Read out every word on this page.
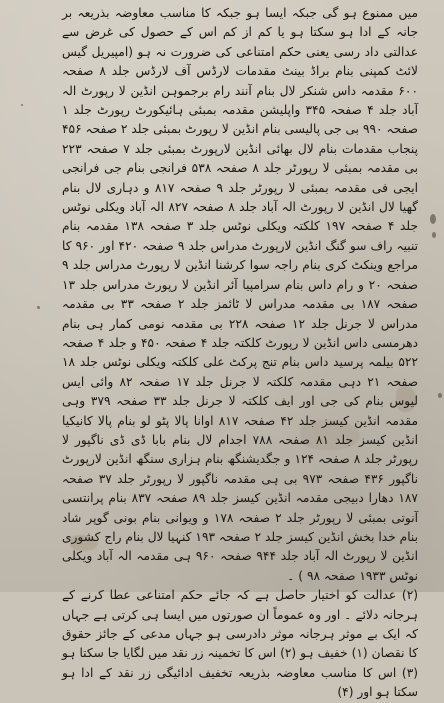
میں ممنوع ہو گی جبکہ ایسا ہو جبکہ کا مناسب معاوضہ بذریعہ بر جانہ کے ادا ہو سکتا ہو یا کم از کم اس کے حصول کی غرض سے عدالتی داد رسی یعنی حکم امتناعی کی ضرورت نہ ہو (امپیریل گیس لائٹ کمپنی بنام براڈ بینٹ مقدمات لارڈس آف لارڈس جلد ۸ صفحہ ۶۰۰ مقدمہ داس شنکر لال بنام آنند رام برجموہن انڈین لا رپورٹ الہ آباد جلد ۴ صفحہ ۳۴۵ واپلیشن مقدمہ بمبئی ہائیکورٹ رپورٹ جلد ۱ صفحہ ۹۹۰ بی جی پالیسی بنام انڈین لا رپورٹ بمبئی جلد ۲ صفحہ ۴۵۶ پنجاب مقدمات بنام لال بھائی انڈین لارپورٹ بمبئی جلد ۷ صفحہ ۲۲۳ بی مقدمہ بمبئی لا رپورٹر جلد ۸ صفحہ ۵۳۸ فرانجی بنام جی فرانجی ایجی فی مقدمہ بمبئی لا رپورٹر جلد ۹ صفحہ ۸۱۷ و دہاری لال بنام گھیا لال انڈین لا رپورٹ الہ آباد جلد ۸ صفحہ ۸۲۷ الہ آباد ویکلی نوٹس جلد ۴ صفحہ ۱۹۷ کلکتہ ویکلی نوٹس جلد ۳ صفحہ ۱۳۸ مقدمہ بنام تنبیہ راف سو گنگ انڈین لارپورٹ مدراس جلد ۹ صفحہ ۴۲۰ اور ۹۶۰ کا مراجع وینکٹ کری بنام راجہ سوا کرشنا انڈین لا رپورٹ مدراس جلد ۹ صفحہ ۲۰ و رام داس بنام سرامپیا آئر انڈین لا رپورٹ مدراس جلد ۱۳ صفحہ ۱۸۷ بی مقدمہ مدراس لا ٹائمز جلد ۲ صفحہ ۳۳ بی مقدمہ مدراس لا جرنل جلد ۱۲ صفحہ ۲۲۸ بی مقدمہ نومی کمار ہی بنام دھرمسی داس انڈین لا رپورٹ کلکتہ جلد ۴ صفحہ ۴۵۰ و جلد ۴ صفحہ ۵۲۲ بیلمہ پرسید داس بنام تنج پرکٹ علی کلکتہ ویکلی نوٹس جلد ۱۸ صفحہ ۲۱ دہی مقدمہ کلکتہ لا جرنل جلد ۱۷ صفحہ ۸۲ وائی ایس لیوس بنام کی جی اور ایف کلکتہ لا جرنل جلد ۳۳ صفحہ ۳۷۹ وہی مقدمہ انڈین کیسز جلد ۴۲ صفحہ ۸۱۷ اوانا پالا پٹو لو بنام پالا کانیکیا انڈین کیسز جلد ۸۱ صفحہ ۷۸۸ اجدام لال بنام بابا ڈی ڈی ناگپور لا رپورٹر جلد ۸ صفحہ ۱۲۴ و جگدیشنگھ بنام ہزاری سنگھ انڈین لارپورٹ ناگپور ۴۳۶ صفحہ ۹۷۳ بی ہی مقدمہ ناگپور لا رپورٹر جلد ۳۷ صفحہ ۱۸۷ دھارا دبیجی مقدمہ انڈین کیسز جلد ۸۹ صفحہ ۸۳۷ بنام پرانتسی آنوتی بمبئی لا رپورٹر جلد ۲ صفحہ ۱۷۸ و ویوانی بنام بونی گوپر شاد بنام خدا بخش انڈین کیسز جلد ۲ صفحہ ۱۹۳ کنہیا لال بنام راج کشوری انڈین لا رپورٹ الہ آباد جلد ۹۴۴ صفحہ ۹۶۰ ہی مقدمہ الہ آباد ویکلی نوٹس ۱۹۳۳ صفحہ ۹۸ ) ۔

(۲) عدالت کو اختیار حاصل ہے کہ جائے حکم امتناعی عطا کرنے کے ہرجانہ دلائے ۔ اور وہ عموماً ان صورتوں میں ایسا ہی کرتی ہے جہاں کہ ایک بے موثر ہرجانہ موثر دادرسی ہو جہاں مدعی کے جائز حقوق کا نقصان (۱) خفیف ہو (۲) اس کا تخمینہ زر نقد میں لگایا جا سکتا ہو (۳) اس کا مناسب معاوضہ بذریعہ تخفیف ادائیگی زر نقد کے ادا ہو سکتا ہو اور (۴)
